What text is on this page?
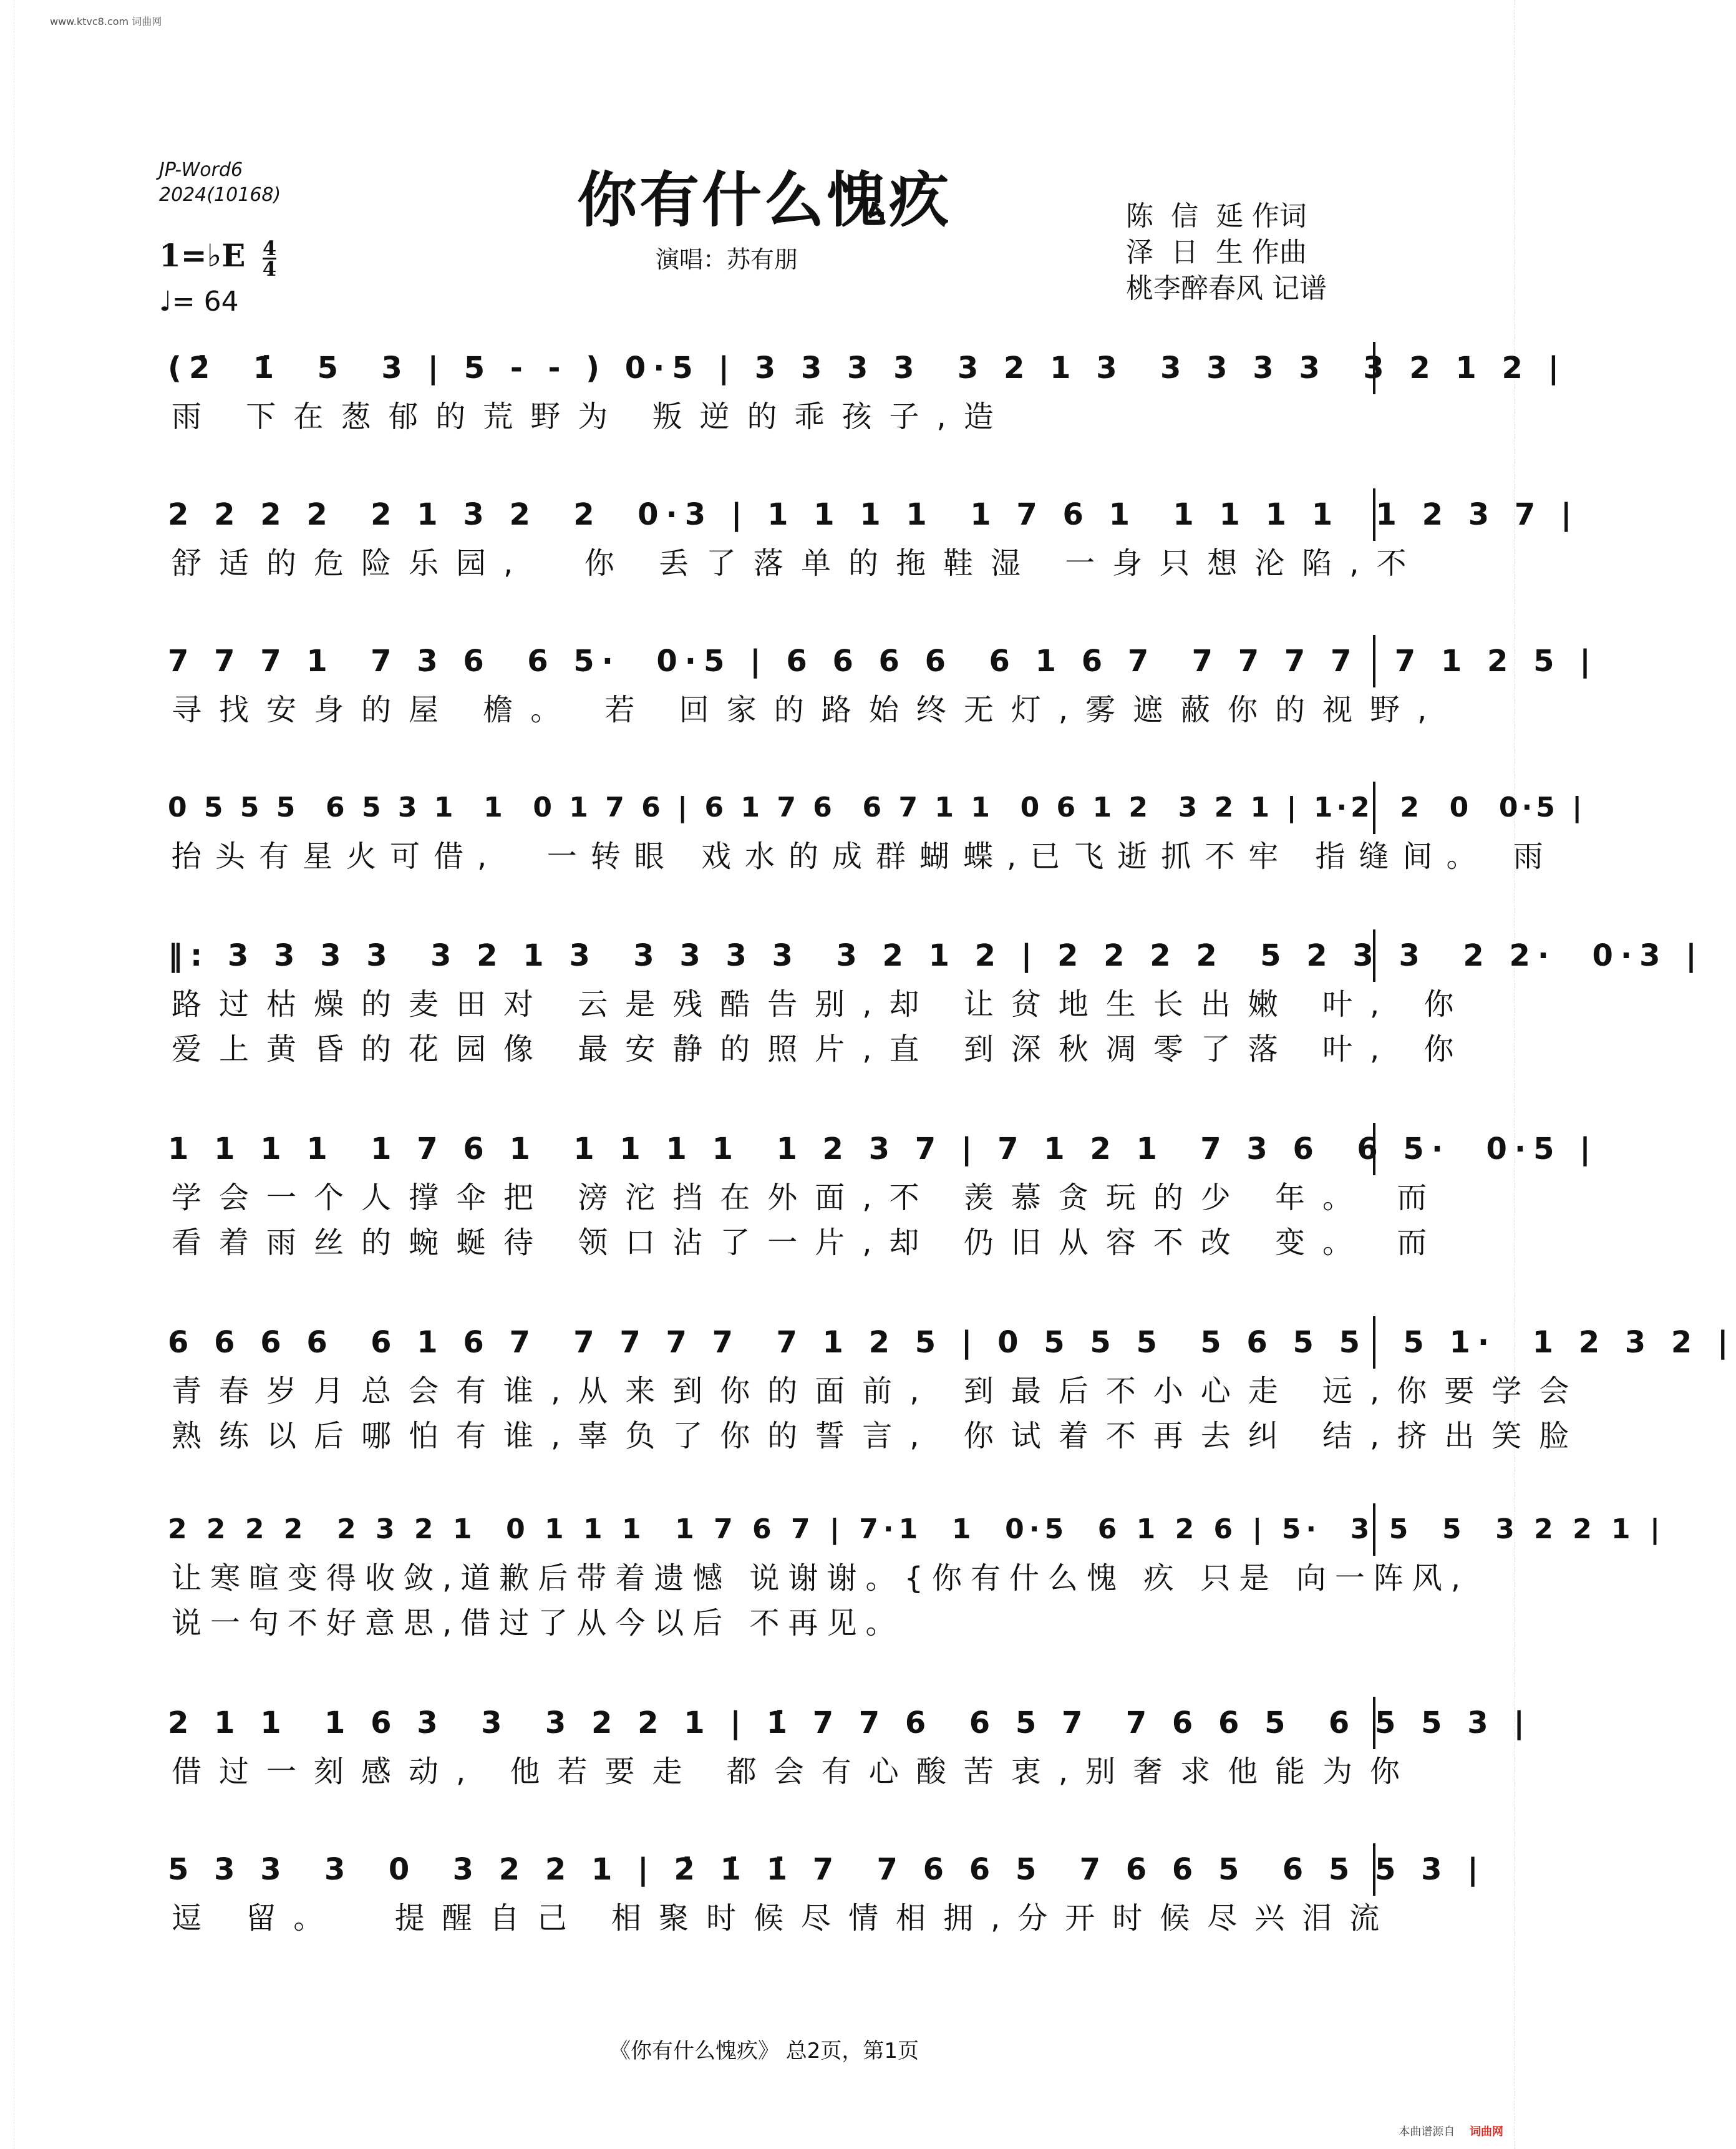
www.ktvc8.com 词曲网
JP-Word6
2024(10168)	你有什么愧疚
演唱：苏有朋
陈  信  延 作词
泽  日  生 作曲
桃李醉春风 记谱
1=♭E $\frac{4}{4}$
♩= 64
(2̇  1̇  5  3 | 5 - - ) 0·5 | 3 3 3 3  3 2 1 3  3 3 3 3  3 2 1 2 |
雨 下在葱郁的荒野为 叛逆的乖孩子,造
2 2 2 2  2 1 3 2  2  0·3 | 1 1 1 1  1 7 6 1  1 1 1 1  1 2 3 7 |
舒适的危险乐园,  你 丢了落单的拖鞋湿 一身只想沦陷,不
7 7 7 1  7 3 6  6 5·  0·5 | 6 6 6 6  6 1 6 7  7 7 7 7  7 1 2 5 |
寻找安身的屋 檐。 若 回家的路始终无灯,雾遮蔽你的视野,
0 5 5 5  6 5 3 1  1  0 1 7 6 | 6 1 7 6  6 7 1 1  0 6 1 2  3 2 1 | 1·2  2  0  0·5 |
抬头有星火可借,  一转眼 戏水的成群蝴蝶,已飞逝抓不牢 指缝间。 雨
‖: 3 3 3 3  3 2 1 3  3 3 3 3  3 2 1 2 | 2 2 2 2  5 2 3 3  2 2·  0·3 |
路过枯燥的麦田对 云是残酷告别,却 让贫地生长出嫩 叶, 你
爱上黄昏的花园像 最安静的照片,直 到深秋凋零了落 叶, 你
1 1 1 1  1 7 6 1  1 1 1 1  1 2 3 7 | 7 1 2 1  7 3 6  6 5·  0·5 |
学会一个人撑伞把 滂沱挡在外面,不 羡慕贪玩的少 年。 而
看着雨丝的蜿蜒待 领口沾了一片,却 仍旧从容不改 变。 而
6 6 6 6  6 1 6 7  7 7 7 7  7 1 2 5 | 0 5 5 5  5 6 5 5  5 1·  1 2 3 2 |
青春岁月总会有谁,从来到你的面前, 到最后不小心走 远,你要学会
熟练以后哪怕有谁,辜负了你的誓言, 你试着不再去纠 结,挤出笑脸
2 2 2 2  2 3 2 1  0 1 1 1  1 7 6 7 | 7·1  1  0·5  6 1 2 6 | 5·  3 5  5  3 2 2 1 |
让寒暄变得收敛,道歉后带着遗憾 说谢谢。{你有什么愧 疚 只是 向一阵风,
说一句不好意思,借过了从今以后 不再见。
2 1 1  1 6 3  3  3 2 2 1 | 1̇ 7 7 6  6 5 7  7 6 6 5  6 5 5 3 |
借过一刻感动, 他若要走 都会有心酸苦衷,别奢求他能为你
5 3 3  3  0  3 2 2 1 | 2̇ 1̇ 1̇ 7  7 6 6 5  7 6 6 5  6 5 5 3 |
逗 留。  提醒自己 相聚时候尽情相拥,分开时候尽兴泪流
《你有什么愧疚》 总2页，第1页
本曲谱源自 词曲网
